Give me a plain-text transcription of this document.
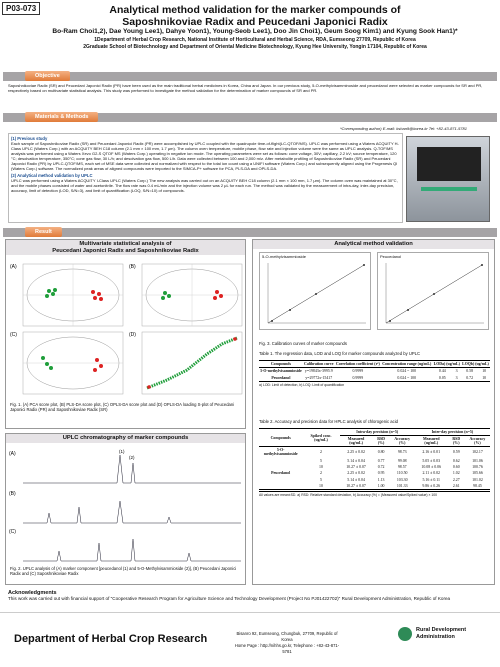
P03-073	Analytical method validation for the marker compounds of
Saposhnikoviae Radix and Peucedani Japonici Radix
Bo-Ram Choi1,2), Dae Young Lee1), Dahye Yoon1), Young-Seob Lee1), Doo Jin Choi1), Geum Soog Kim1) and Kyung Sook Han1)*
1Department of Herbal Crop Research, National Institute of Horticultural and Herbal Science, RDA, Eumseong 27709, Republic of Korea
2Graduate School of Biotechnology and Department of Oriental Medicine Biotechnology, Kyung Hee University, Yongin 17104, Republic of Korea
Objective
Saposhnikoviae Radix (SR) and Peucedani Japonici Radix (PR) have been used as the main traditional herbal medicines in Korea, China and Japan. In our previous study, 5-O-methylvisamminoside and peucedanol were selected as marker compounds for SR and PR, respectively based on multivariate statistical analysis. This study was performed to investigate the method validation for the determination of marker compounds of SR and PR.
Materials & Methods
*Corresponding author) E-mail: kshan9@korea.kr Tel: +82-43-871-5781
(1) Previous study
Each sample of Saposhnikoviae Radix (SR) and Peucedani Japonici Radix (PR) were accomplished by UPLC coupled with the quadrupole time-of-flight(LC-QTOF/MS). UPLC was performed using a Waters ACQUITY H-Class UPLC (Waters Corp.) with an ACQUITY BEH C18 column (2.1 mm × 100 mm, 1.7 μm). The column oven temperature, mobile phase, flow rate and injection volume were the same as UPLC analysis. Q-TOF/MS analysis was performed using a Waters Xevo G2-S QTOF MS (Waters Corp.) operating in negative ion mode. The operating parameters were set as follows: cone voltage, 30V; capillary, 2.2 kV; source temperature, 120 °C; desolvation temperature, 350°C; cone gas flow, 30 L/h; and desolvation gas flow, 500 L/h. Data were collected between 100 and 2,000 m/z. After metabolite profiling of Saposhnikoviae Radix (SR) and Peucedani Japonici Radix (PR) by UPLC-QTOF/MS, each set of MSE data were collected and normalized with respect to the total ion count using a UNIFI software (Waters Corp.) and subsequently aligned using the Progenesis QI (Waters Corp.) software. The normalized peak areas of aligned compounds were imported to the SIMCA-P+ software for PCA, PLS-DA and OPLS-DA.
(2) Analytical method validation by UPLC
UPLC was performed using a Waters ACQUITY I-Class UPLC (Waters Corp.) The new analysis was carried out on an ACQUITY BEH C18 column (2.1 mm × 100 mm, 1.7 μm). The column oven was maintained at 30°C, and the mobile phases consisted of water and acetonitrile. The flow rate was 0.4 mL/min and the injection volume was 2 μL for each run. The method was validated by the measurement of intra-day, inter-day precision, accuracy, limit of detection (LOD, S/N=3), and limit of quantification (LOQ, S/N=10) of compounds.
Result
Multivariate statistical analysis of
Peucedani Japonici Radix and Saposhnikoviae Radix
(A)	(B)
(C)	(D)
Fig. 1. (A) PCA score plot, (B) PLS-DA score plot, (C) OPLS-DA score plot and (D) OPLS-DA loading S-plot of Peucedani Japonici Radix (PR) and Saposhnikoviae Radix (SR)
UPLC chromatography of marker compounds
(A)
(B)
(C)
(1)
(2)
Fig. 2. UPLC analysis of (A) marker component [peucedanol (1) and 5-O-Methylvisammioside (2)], (B) Peucedani Japonici Radix and (C) Saposhnikoviae Radix
Analytical method validation
5-O-methylvisammioside	Peucedanol
Fig. 3. Calibration curves of marker compounds
Table 1. The regression data, LOD and LOQ for marker compounds analyzed by UPLC
Compounds	Calibration curve	Correlation coefficient (r²)	Concentration range (ug/mL)	LODa) (ug/mL)		LOQb) (ug/mL)	
5-O-methylvisammioside	y=19843x-3995.9	0.9999	0.024 ~ 100	0.44	3	0.58	10
Peucedanol	y=29772x-15417	0.9999	0.024 ~ 100	0.05	3	0.72	10
a) LOD: Limit of detection, b) LOQ: Limit of quantification
Table 2. Accuracy and precision data for HPLC analysis of chlorogenic acid
Compounds	Spiked conc. (ug/mL)	Intra-day precision (n=5)			Inter-day precision (n=5)		
		Measured (ug/mL)	RSD (%)	Accuracy (%)	Measured (ug/mL)	RSD (%)	Accuracy (%)
5-O-methylvisammioside	2	2.25 ± 0.02	0.80	98.73	2.16 ± 0.01	0.59	102.17
	5	5.14 ± 0.04	0.77	99.08	5.05 ± 0.03	0.62	101.06
	10	10.27 ± 0.07	0.72	98.57	10.08 ± 0.06	0.60	100.76
Peucedanol	2	2.25 ± 0.02	0.95	110.50	2.11 ± 0.02	1.02	105.66
	5	5.14 ± 0.04	1.13	103.30	5.16 ± 0.11	2.27	101.02
	10	10.27 ± 0.07	1.00	101.33	9.86 ± 0.26	2.61	98.45
All values are mean±SD. a) RSD: Relative standard deviation, b) Accuracy (%) = (Measured value/Spiked value) × 100
Acknowledgments
This work was carried out with financial support of "Cooperative Research Program for Agriculture Science and Technology Development (Project No PJ01422702)" Rural Development Administration, Republic of Korea
Department of Herbal Crop Research	Bisanro 92, Eumseong, Chungbuk, 27709, Republic of Korea
Home Page : http://nihhs.go.kr, Telephone : +82-43-871-5781
Rural Development
Administration
